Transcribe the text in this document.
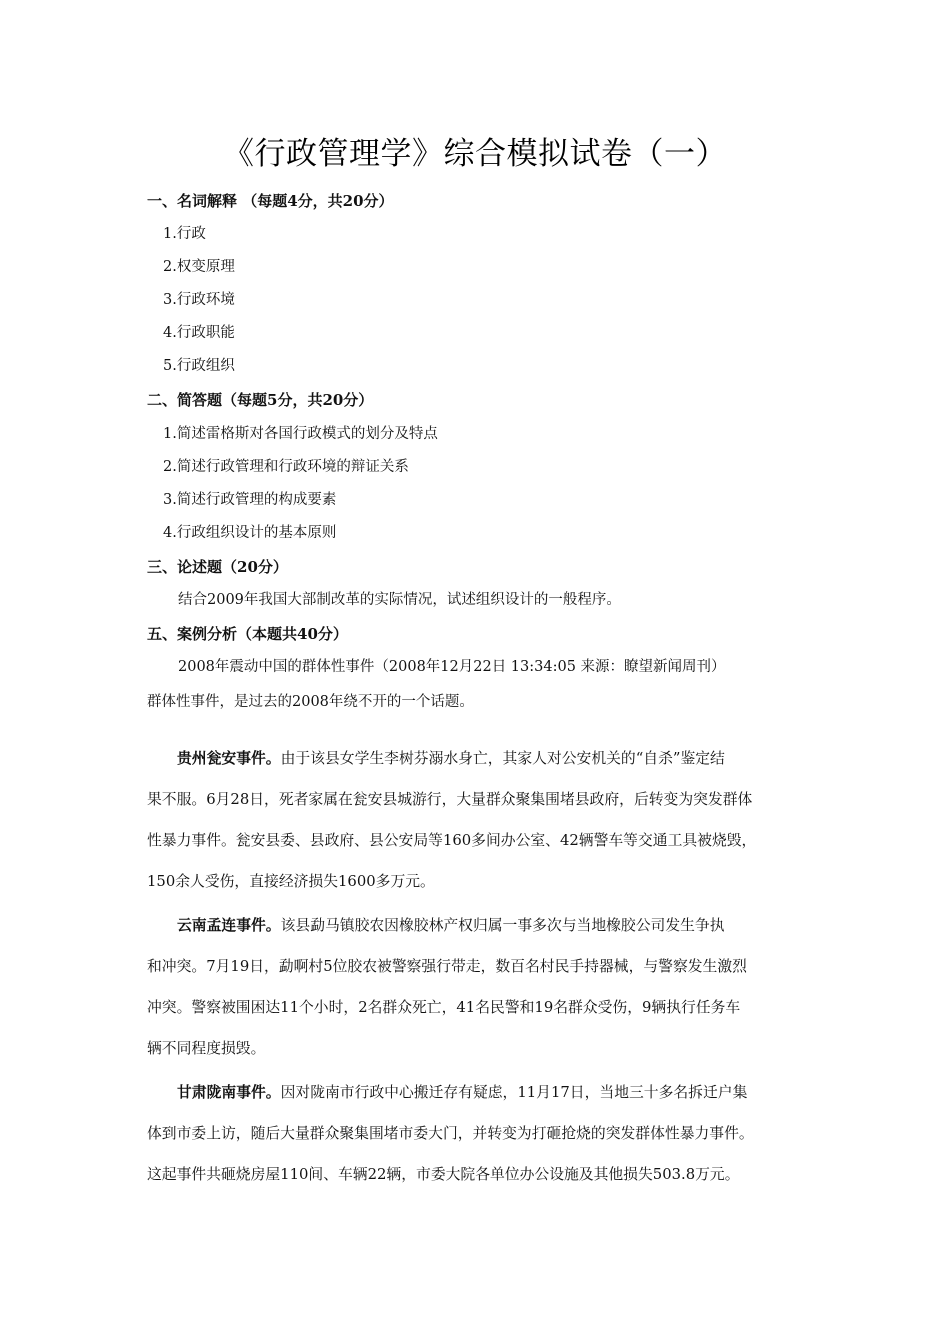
《行政管理学》综合模拟试卷（一）
一、名词解释 （每题4分，共20分）
1.行政
2.权变原理
3.行政环境
4.行政职能
5.行政组织
二、简答题（每题5分，共20分）
1.简述雷格斯对各国行政模式的划分及特点
2.简述行政管理和行政环境的辩证关系
3.简述行政管理的构成要素
4.行政组织设计的基本原则
三、论述题（20分）
结合2009年我国大部制改革的实际情况，试述组织设计的一般程序。
五、案例分析（本题共40分）
2008年震动中国的群体性事件（2008年12月22日 13:34:05 来源：瞭望新闻周刊）
群体性事件，是过去的2008年绕不开的一个话题。

贵州瓮安事件。由于该县女学生李树芬溺水身亡，其家人对公安机关的“自杀”鉴定结

果不服。6月28日，死者家属在瓮安县城游行，大量群众聚集围堵县政府，后转变为突发群体

性暴力事件。瓮安县委、县政府、县公安局等160多间办公室、42辆警车等交通工具被烧毁，

150余人受伤，直接经济损失1600多万元。

云南孟连事件。该县勐马镇胶农因橡胶林产权归属一事多次与当地橡胶公司发生争执

和冲突。7月19日，勐啊村5位胶农被警察强行带走，数百名村民手持器械，与警察发生激烈

冲突。警察被围困达11个小时，2名群众死亡，41名民警和19名群众受伤，9辆执行任务车

辆不同程度损毁。

甘肃陇南事件。因对陇南市行政中心搬迁存有疑虑，11月17日，当地三十多名拆迁户集

体到市委上访，随后大量群众聚集围堵市委大门，并转变为打砸抢烧的突发群体性暴力事件。

这起事件共砸烧房屋110间、车辆22辆，市委大院各单位办公设施及其他损失503.8万元。
